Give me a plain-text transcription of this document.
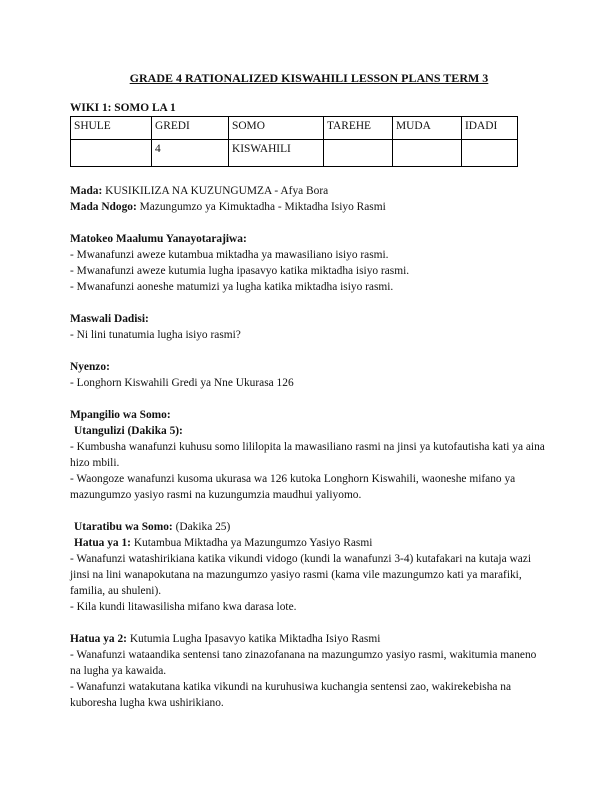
GRADE 4 RATIONALIZED KISWAHILI LESSON PLANS TERM 3

WIKI 1: SOMO LA 1

SHULE	GREDI	SOMO	TAREHE	MUDA	IDADI
	4	KISWAHILI			

Mada: KUSIKILIZA NA KUZUNGUMZA - Afya Bora

Mada Ndogo: Mazungumzo ya Kimuktadha - Miktadha Isiyo Rasmi

Matokeo Maalumu Yanayotarajiwa:

- Mwanafunzi aweze kutambua miktadha ya mawasiliano isiyo rasmi.

- Mwanafunzi aweze kutumia lugha ipasavyo katika miktadha isiyo rasmi.

- Mwanafunzi aoneshe matumizi ya lugha katika miktadha isiyo rasmi.

Maswali Dadisi:

- Ni lini tunatumia lugha isiyo rasmi?

Nyenzo:

- Longhorn Kiswahili Gredi ya Nne Ukurasa 126

Mpangilio wa Somo:

Utangulizi (Dakika 5):

- Kumbusha wanafunzi kuhusu somo lililopita la mawasiliano rasmi na jinsi ya kutofautisha kati ya aina hizo mbili.

- Waongoze wanafunzi kusoma ukurasa wa 126 kutoka Longhorn Kiswahili, waoneshe mifano ya mazungumzo yasiyo rasmi na kuzungumzia maudhui yaliyomo.

Utaratibu wa Somo: (Dakika 25)

Hatua ya 1: Kutambua Miktadha ya Mazungumzo Yasiyo Rasmi

- Wanafunzi watashirikiana katika vikundi vidogo (kundi la wanafunzi 3-4) kutafakari na kutaja wazi jinsi na lini wanapokutana na mazungumzo yasiyo rasmi (kama vile mazungumzo kati ya marafiki, familia, au shuleni).

- Kila kundi litawasilisha mifano kwa darasa lote.

Hatua ya 2: Kutumia Lugha Ipasavyo katika Miktadha Isiyo Rasmi

- Wanafunzi wataandika sentensi tano zinazofanana na mazungumzo yasiyo rasmi, wakitumia maneno na lugha ya kawaida.

- Wanafunzi watakutana katika vikundi na kuruhusiwa kuchangia sentensi zao, wakirekebisha na kuboresha lugha kwa ushirikiano.
